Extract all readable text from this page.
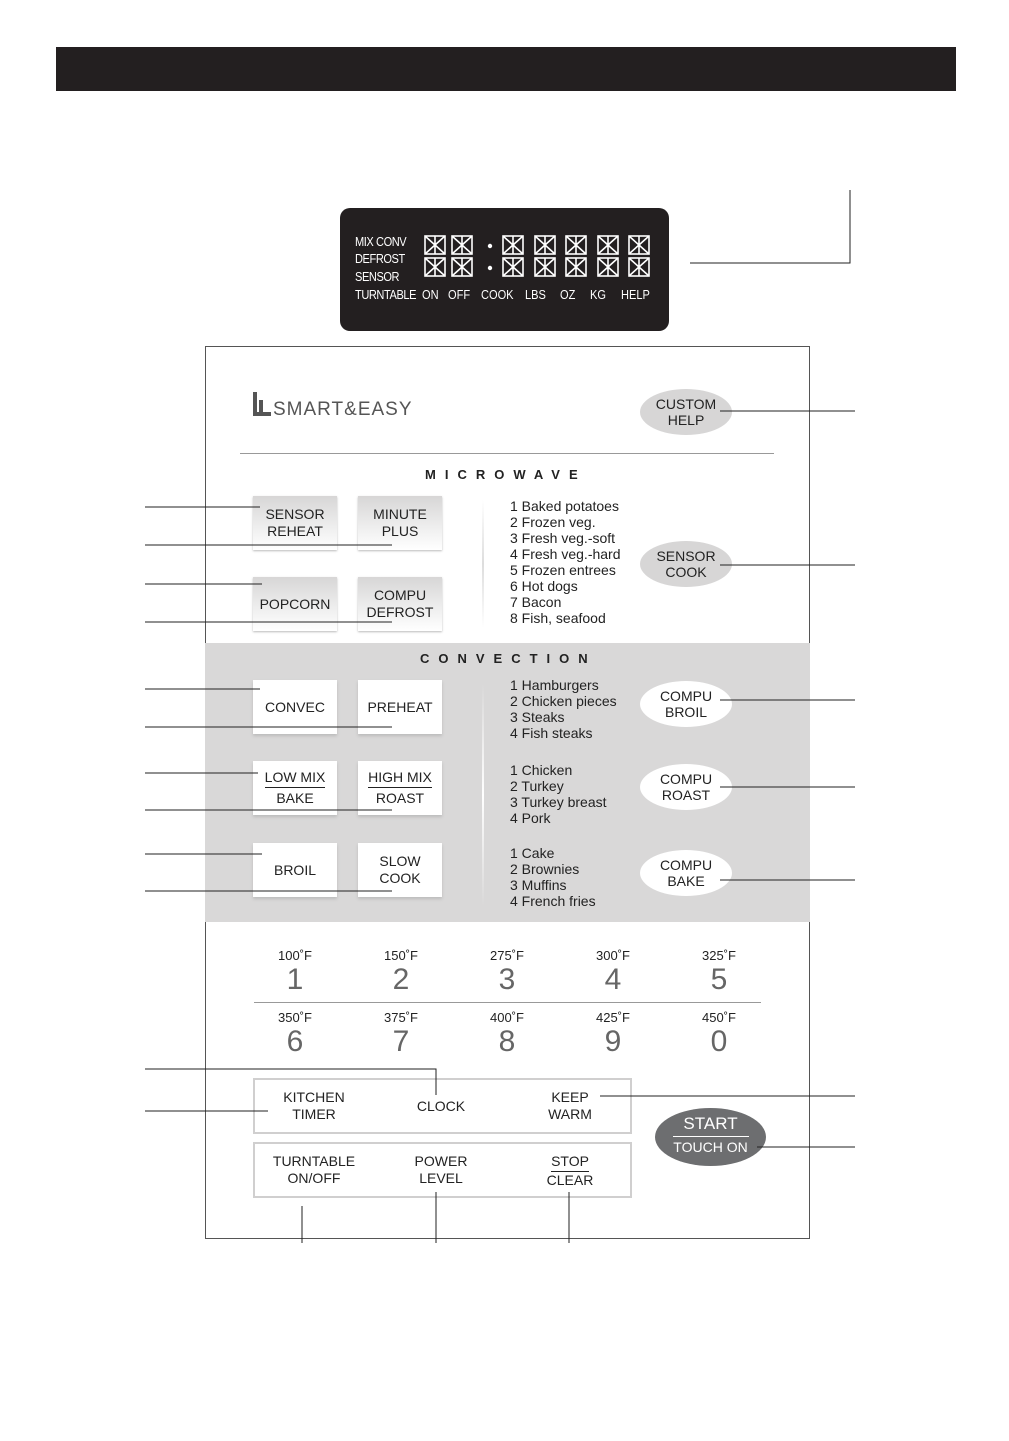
MIX CONV
DEFROST
SENSOR
TURNTABLE ON OFF COOK LBS OZ KG HELP
SMART&EASY	CUSTOM
HELP
MICROWAVE
SENSOR
REHEAT
MINUTE
PLUS
POPCORN
COMPU
DEFROST
1 Baked potatoes
2 Frozen veg.
3 Fresh veg.-soft
4 Fresh veg.-hard
5 Frozen entrees
6 Hot dogs
7 Bacon
8 Fish, seafood
SENSOR
COOK
CONVECTION
CONVEC	PREHEAT
LOW MIX
BAKE
HIGH MIX
ROAST
BROIL
SLOW
COOK
1 Hamburgers
2 Chicken pieces
3 Steaks
4 Fish steaks
1 Chicken
2 Turkey
3 Turkey breast
4 Pork
1 Cake
2 Brownies
3 Muffins
4 French fries
COMPU
BROIL
COMPU
ROAST
COMPU
BAKE
100˚F
1
150˚F
2
275˚F
3
300˚F
4
325˚F
5
350˚F
6
375˚F
7
400˚F
8
425˚F
9
450˚F
0
KITCHEN
TIMER	CLOCK
KEEP
WARM
TURNTABLE
ON/OFF
POWER
LEVEL
STOP
CLEAR
START
TOUCH ON
